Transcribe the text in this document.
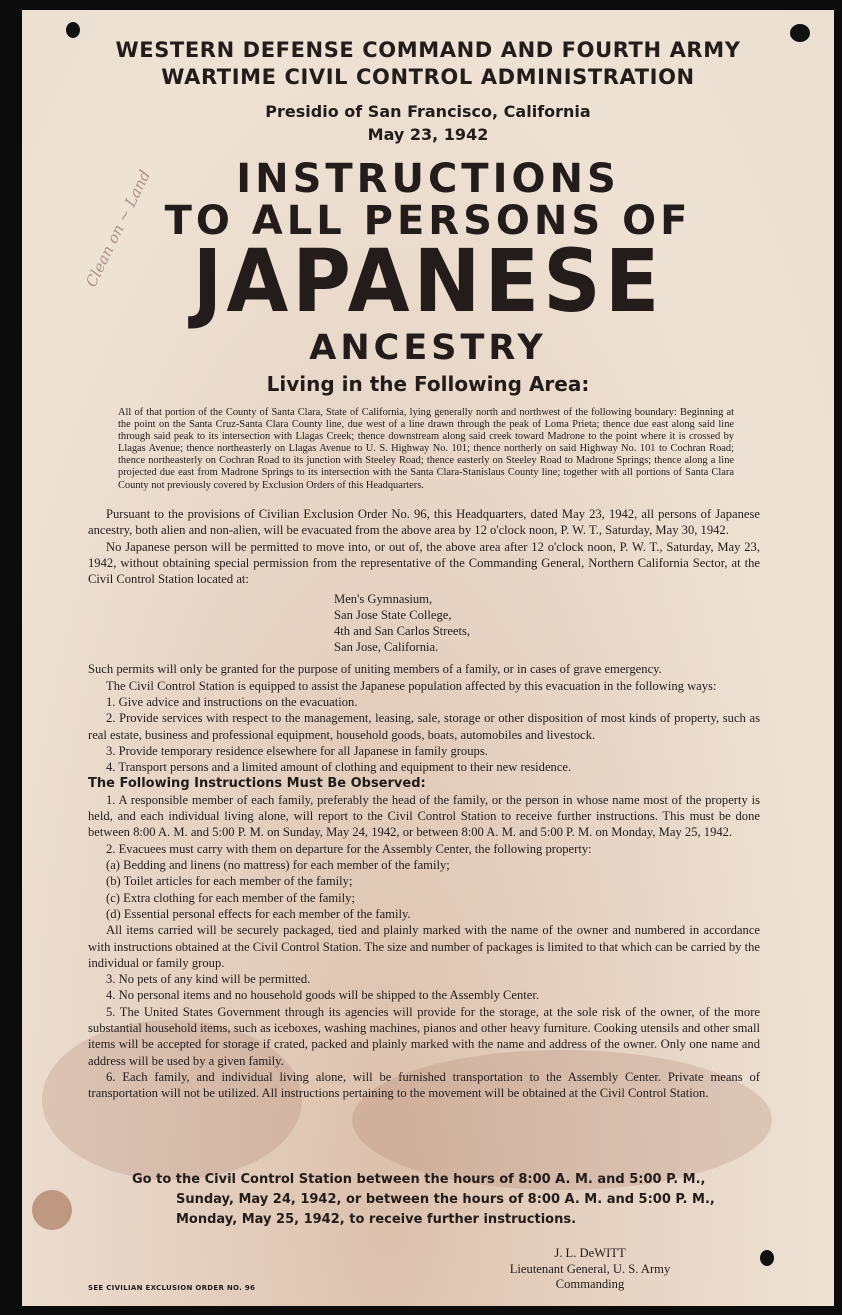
Clean on ~ Land
WESTERN DEFENSE COMMAND AND FOURTH ARMY
WARTIME CIVIL CONTROL ADMINISTRATION
Presidio of San Francisco, California
May 23, 1942
INSTRUCTIONS
TO ALL PERSONS OF
JAPANESE
ANCESTRY
Living in the Following Area:
All of that portion of the County of Santa Clara, State of California, lying generally north and northwest of the following boundary: Beginning at the point on the Santa Cruz-Santa Clara County line, due west of a line drawn through the peak of Loma Prieta; thence due east along said line through said peak to its intersection with Llagas Creek; thence downstream along said creek toward Madrone to the point where it is crossed by Llagas Avenue; thence northeasterly on Llagas Avenue to U. S. Highway No. 101; thence northerly on said Highway No. 101 to Cochran Road; thence northeasterly on Cochran Road to its junction with Steeley Road; thence easterly on Steeley Road to Madrone Springs; thence along a line projected due east from Madrone Springs to its intersection with the Santa Clara-Stanislaus County line; together with all portions of Santa Clara County not previously covered by Exclusion Orders of this Headquarters.

Pursuant to the provisions of Civilian Exclusion Order No. 96, this Headquarters, dated May 23, 1942, all persons of Japanese ancestry, both alien and non-alien, will be evacuated from the above area by 12 o'clock noon, P. W. T., Saturday, May 30, 1942.

No Japanese person will be permitted to move into, or out of, the above area after 12 o'clock noon, P. W. T., Saturday, May 23, 1942, without obtaining special permission from the representative of the Commanding General, Northern California Sector, at the Civil Control Station located at:

Men's Gymnasium,
San Jose State College,
4th and San Carlos Streets,
San Jose, California.

Such permits will only be granted for the purpose of uniting members of a family, or in cases of grave emergency.

The Civil Control Station is equipped to assist the Japanese population affected by this evacuation in the following ways:

1. Give advice and instructions on the evacuation.

2. Provide services with respect to the management, leasing, sale, storage or other disposition of most kinds of property, such as real estate, business and professional equipment, household goods, boats, automobiles and livestock.

3. Provide temporary residence elsewhere for all Japanese in family groups.

4. Transport persons and a limited amount of clothing and equipment to their new residence.

The Following Instructions Must Be Observed:

1. A responsible member of each family, preferably the head of the family, or the person in whose name most of the property is held, and each individual living alone, will report to the Civil Control Station to receive further instructions. This must be done between 8:00 A. M. and 5:00 P. M. on Sunday, May 24, 1942, or between 8:00 A. M. and 5:00 P. M. on Monday, May 25, 1942.

2. Evacuees must carry with them on departure for the Assembly Center, the following property:

(a) Bedding and linens (no mattress) for each member of the family;

(b) Toilet articles for each member of the family;

(c) Extra clothing for each member of the family;

(d) Essential personal effects for each member of the family.

All items carried will be securely packaged, tied and plainly marked with the name of the owner and numbered in accordance with instructions obtained at the Civil Control Station. The size and number of packages is limited to that which can be carried by the individual or family group.

3. No pets of any kind will be permitted.

4. No personal items and no household goods will be shipped to the Assembly Center.

5. The United States Government through its agencies will provide for the storage, at the sole risk of the owner, of the more substantial household items, such as iceboxes, washing machines, pianos and other heavy furniture. Cooking utensils and other small items will be accepted for storage if crated, packed and plainly marked with the name and address of the owner. Only one name and address will be used by a given family.

6. Each family, and individual living alone, will be furnished transportation to the Assembly Center. Private means of transportation will not be utilized. All instructions pertaining to the movement will be obtained at the Civil Control Station.

Go to the Civil Control Station between the hours of 8:00 A. M. and 5:00 P. M.,
Sunday, May 24, 1942, or between the hours of 8:00 A. M. and 5:00 P. M.,
Monday, May 25, 1942, to receive further instructions.
J. L. DeWITT
Lieutenant General, U. S. Army
Commanding
SEE CIVILIAN EXCLUSION ORDER NO. 96
